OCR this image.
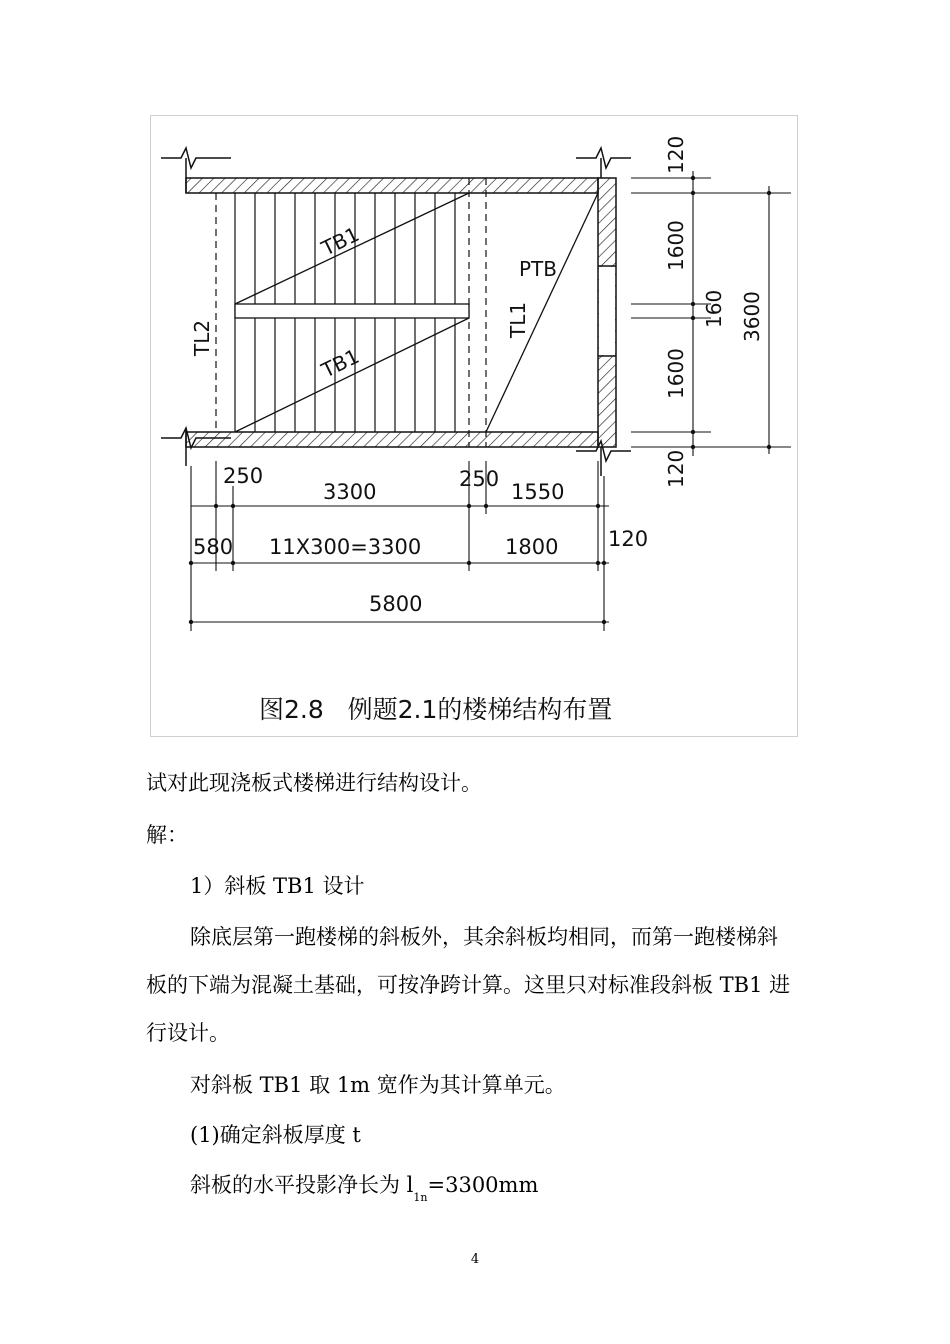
TB1
TB1
PTB
TL1
TL2
120
1600
160
1600
120
3600
250
3300
250
1550
580 11X300=3300	1800 120
5800
图2.8   例题2.1的楼梯结构布置
试对此现浇板式楼梯进行结构设计。
解：
1）斜板 TB1 设计
除底层第一跑楼梯的斜板外，其余斜板均相同，而第一跑楼梯斜
板的下端为混凝土基础，可按净跨计算。这里只对标准段斜板 TB1 进
行设计。
对斜板 TB1 取 1m 宽作为其计算单元。
(1)确定斜板厚度 t
斜板的水平投影净长为 $l_{1n}=3300mm$
4
